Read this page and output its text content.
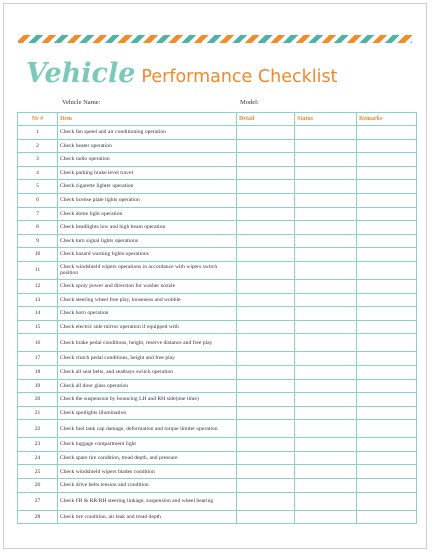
Vehicle Performance Checklist
Vehicle Name:	Model:
Nr #	Item	Detail	Status	Remarks
1	Check fan speed and air conditioning operation			
2	Check heater operation			
3	Check radio operation			
4	Check parking brake level travel			
5	Check cigarette lighter operation			
6	Check license plate lights operation			
7	Check dome light operation			
8	Check headlights low and high beam operation			
9	Check turn signal lights operations			
10	Check hazard warning lights operations			
11	Check windshield wipers operations in accordance with wipers switch position			
12	Check spray power and direction for washer nozzle			
13	Check steering wheel free play, looseness and wobble			
14	Check horn operation			
15	Check electric side mirror operation if equipped with			
16	Check brake pedal conditions, height, reserve distance and free play			
17	Check clutch pedal conditions, height and free play			
18	Check all seat belts, and seatbays switch operation			
19	Check all door glass operation			
20	Check the suspension by bouncing LH and RH side(one time)			
21	Check spotlights illumination			
22	Check fuel tank cap damage, deformation and torque limiter operation			
23	Check luggage compartment light			
24	Check spare tire condition, tread depth, and pressure			
25	Check windshield wipers blades condition			
26	Check drive belts tension and condition			
27	Check FR & RR/RH steering linkage, suspension and wheel bearing			
28	Check tire condition, air leak and tread depth			
